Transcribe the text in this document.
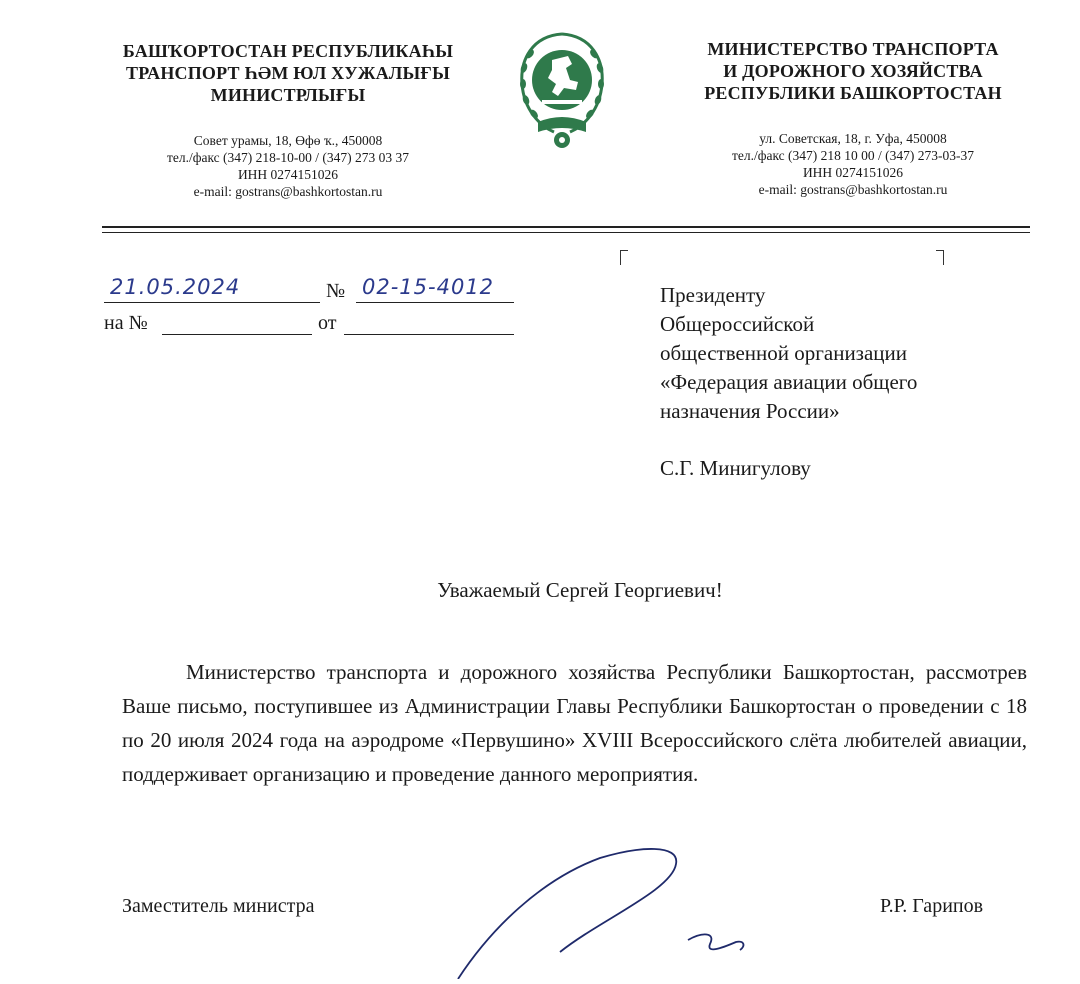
БАШҠОРТОСТАН РЕСПУБЛИКАҺЫ
ТРАНСПОРТ ҺӘМ ЮЛ ХУЖАЛЫҒЫ
МИНИСТРЛЫҒЫ
Совет урамы, 18, Өфө ҡ., 450008
тел./факс (347) 218-10-00 / (347) 273 03 37
ИНН 0274151026
e-mail: gostrans@bashkortostan.ru
МИНИСТЕРСТВО ТРАНСПОРТА
И ДОРОЖНОГО ХОЗЯЙСТВА
РЕСПУБЛИКИ БАШКОРТОСТАН
ул. Советская, 18, г. Уфа, 450008
тел./факс (347) 218 10 00 / (347) 273-03-37
ИНН 0274151026
e-mail: gostrans@bashkortostan.ru
21.05.2024	№ 02-15-4012
на №	от
Президенту
Общероссийской
общественной организации
«Федерация авиации общего
назначения России»
С.Г. Минигулову
Уважаемый Сергей Георгиевич!
Министерство транспорта и дорожного хозяйства Республики Башкортостан, рассмотрев Ваше письмо, поступившее из Администрации Главы Республики Башкортостан о проведении с 18 по 20 июля 2024 года на аэродроме «Первушино» XVIII Всероссийского слёта любителей авиации, поддерживает организацию и проведение данного мероприятия.
Заместитель министра	Р.Р. Гарипов
